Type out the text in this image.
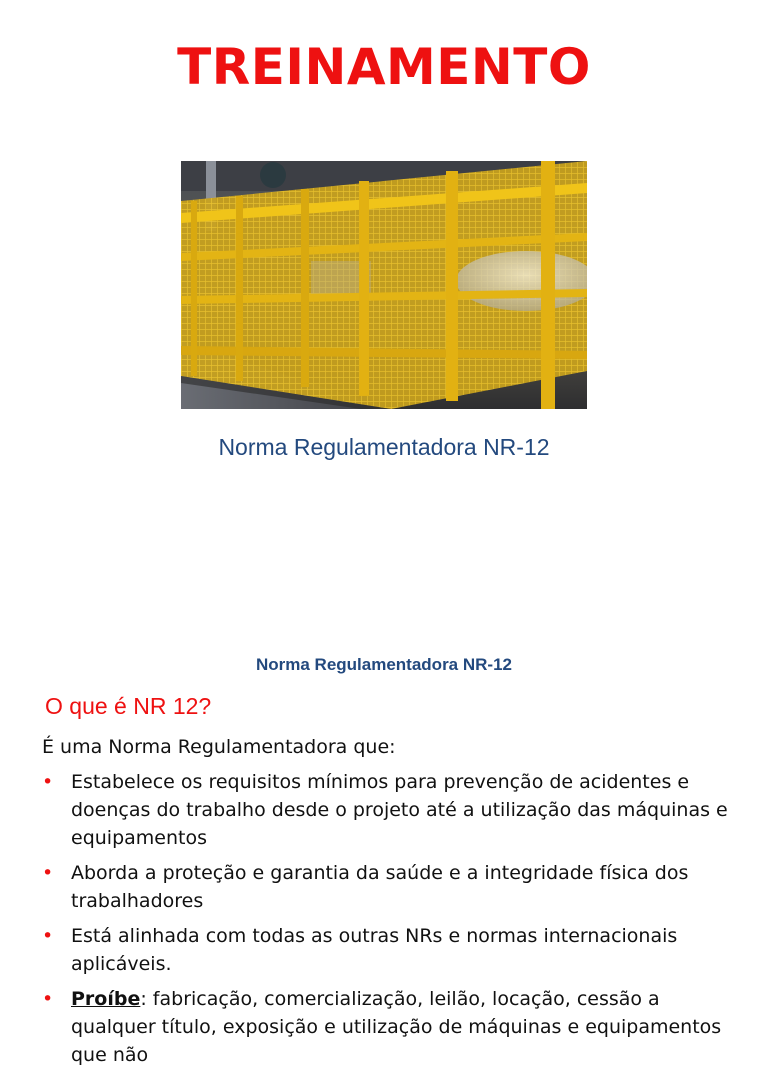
TREINAMENTO
Norma Regulamentadora NR-12
Norma Regulamentadora NR-12
O que é NR 12?
É uma Norma Regulamentadora que:
• Estabelece os requisitos mínimos para prevenção de acidentes e doenças do trabalho desde o projeto até a utilização das máquinas e equipamentos
• Aborda a proteção e garantia da saúde e a integridade física dos trabalhadores
• Está alinhada com todas as outras NRs e normas internacionais aplicáveis.
• Proíbe: fabricação, comercialização, leilão, locação, cessão a qualquer título, exposição e utilização de máquinas e equipamentos que não
